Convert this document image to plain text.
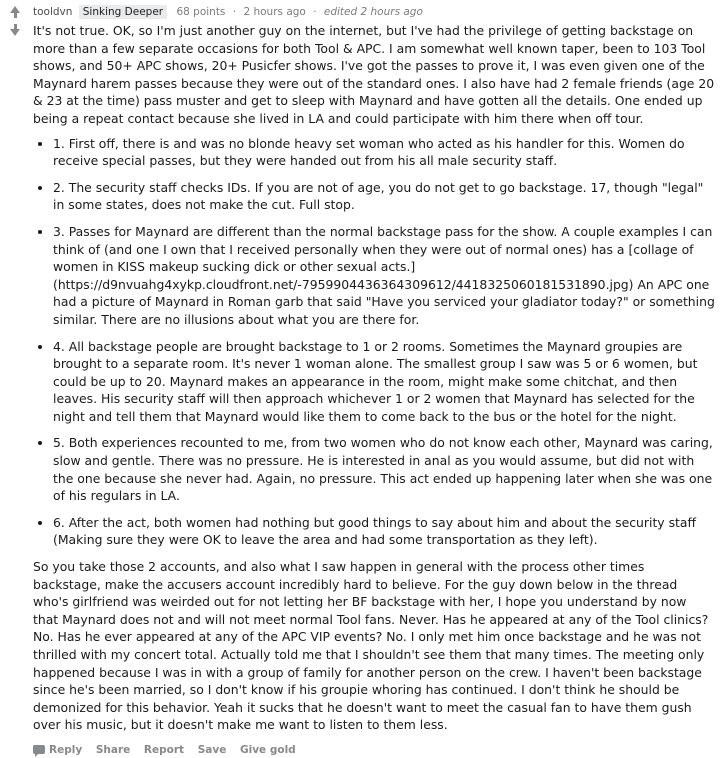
tooldvn Sinking Deeper 68 points · 2 hours ago · edited 2 hours ago

It's not true. OK, so I'm just another guy on the internet, but I've had the privilege of getting backstage on more than a few separate occasions for both Tool & APC. I am somewhat well known taper, been to 103 Tool shows, and 50+ APC shows, 20+ Pusicfer shows. I've got the passes to prove it, I was even given one of the Maynard harem passes because they were out of the standard ones. I also have had 2 female friends (age 20 & 23 at the time) pass muster and get to sleep with Maynard and have gotten all the details. One ended up being a repeat contact because she lived in LA and could participate with him there when off tour.

• 1. First off, there is and was no blonde heavy set woman who acted as his handler for this. Women do receive special passes, but they were handed out from his all male security staff.
• 2. The security staff checks IDs. If you are not of age, you do not get to go backstage. 17, though "legal" in some states, does not make the cut. Full stop.
• 3. Passes for Maynard are different than the normal backstage pass for the show. A couple examples I can think of (and one I own that I received personally when they were out of normal ones) has a [collage of women in KISS makeup sucking dick or other sexual acts.] (https://d9nvuahg4xykp.cloudfront.net/-795990443636430961​2/4418325060181531890.jpg) An APC one had a picture of Maynard in Roman garb that said "Have you serviced your gladiator today?" or something similar. There are no illusions about what you are there for.
• 4. All backstage people are brought backstage to 1 or 2 rooms. Sometimes the Maynard groupies are brought to a separate room. It's never 1 woman alone. The smallest group I saw was 5 or 6 women, but could be up to 20. Maynard makes an appearance in the room, might make some chitchat, and then leaves. His security staff will then approach whichever 1 or 2 women that Maynard has selected for the night and tell them that Maynard would like them to come back to the bus or the hotel for the night.
• 5. Both experiences recounted to me, from two women who do not know each other, Maynard was caring, slow and gentle. There was no pressure. He is interested in anal as you would assume, but did not with the one because she never had. Again, no pressure. This act ended up happening later when she was one of his regulars in LA.
• 6. After the act, both women had nothing but good things to say about him and about the security staff (Making sure they were OK to leave the area and had some transportation as they left).

So you take those 2 accounts, and also what I saw happen in general with the process other times backstage, make the accusers account incredibly hard to believe. For the guy down below in the thread who's girlfriend was weirded out for not letting her BF backstage with her, I hope you understand by now that Maynard does not and will not meet normal Tool fans. Never. Has he appeared at any of the Tool clinics? No. Has he ever appeared at any of the APC VIP events? No. I only met him once backstage and he was not thrilled with my concert total. Actually told me that I shouldn't see them that many times. The meeting only happened because I was in with a group of family for another person on the crew. I haven't been backstage since he's been married, so I don't know if his groupie whoring has continued. I don't think he should be demonized for this behavior. Yeah it sucks that he doesn't want to meet the casual fan to have them gush over his music, but it doesn't make me want to listen to them less.

Reply Share Report Save Give gold
